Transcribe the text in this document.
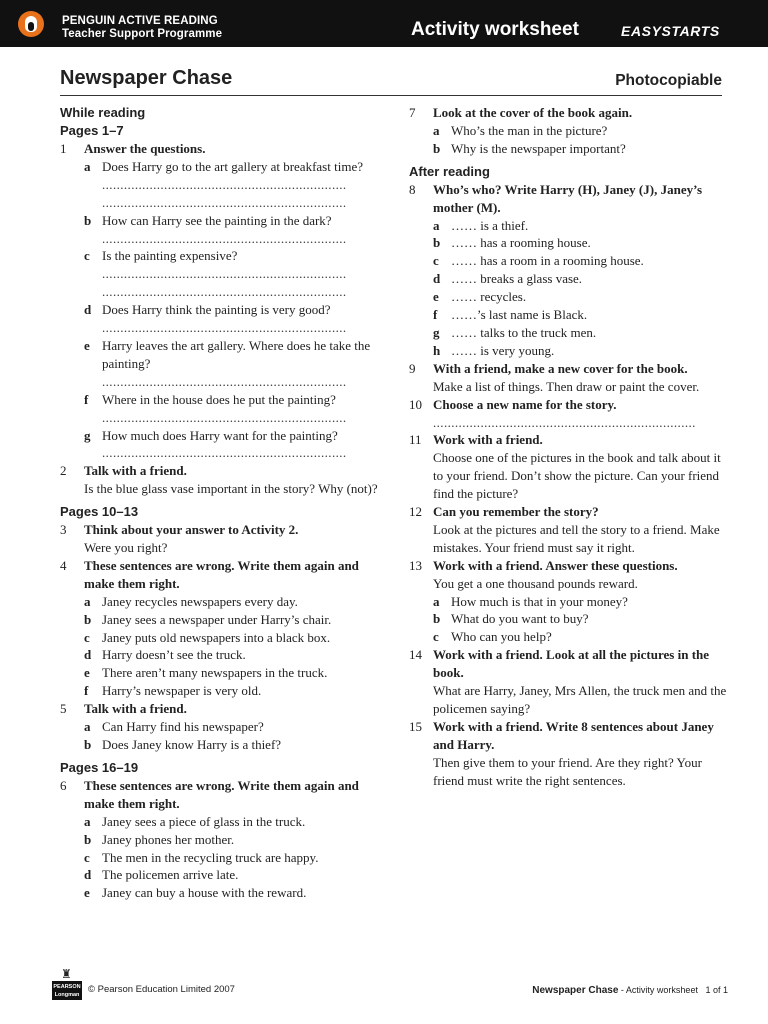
PENGUIN ACTIVE READING
Teacher Support Programme	Activity worksheet	EASYSTARTS
Newspaper Chase	Photocopiable
While reading
Pages 1–7
1	Answer the questions.
a Does Harry go to the art gallery at breakfast time?
...................................................................
...................................................................
b How can Harry see the painting in the dark?
...................................................................
c Is the painting expensive?
...................................................................
...................................................................
d Does Harry think the painting is very good?
...................................................................
e Harry leaves the art gallery. Where does he take the painting?
...................................................................
f Where in the house does he put the painting?
...................................................................
g How much does Harry want for the painting?
...................................................................
2	Talk with a friend.
Is the blue glass vase important in the story? Why (not)?
Pages 10–13
3	Think about your answer to Activity 2.
Were you right?
4	These sentences are wrong. Write them again and make them right.
a Janey recycles newspapers every day.
b Janey sees a newspaper under Harry’s chair.
c Janey puts old newspapers into a black box.
d Harry doesn’t see the truck.
e There aren’t many newspapers in the truck.
f Harry’s newspaper is very old.
5	Talk with a friend.
a Can Harry find his newspaper?
b Does Janey know Harry is a thief?
Pages 16–19
6	These sentences are wrong. Write them again and make them right.
a Janey sees a piece of glass in the truck.
b Janey phones her mother.
c The men in the recycling truck are happy.
d The policemen arrive late.
e Janey can buy a house with the reward.
7	Look at the cover of the book again.
a Who’s the man in the picture?
b Why is the newspaper important?
After reading
8	Who’s who? Write Harry (H), Janey (J), Janey’s mother (M).
a …… is a thief.
b …… has a rooming house.
c …… has a room in a rooming house.
d …… breaks a glass vase.
e …… recycles.
f ……’s last name is Black.
g …… talks to the truck men.
h …… is very young.
9	With a friend, make a new cover for the book.
Make a list of things. Then draw or paint the cover.
10 Choose a new name for the story.
........................................................................
11 Work with a friend.
Choose one of the pictures in the book and talk about it to your friend. Don’t show the picture. Can your friend find the picture?
12 Can you remember the story?
Look at the pictures and tell the story to a friend. Make mistakes. Your friend must say it right.
13 Work with a friend. Answer these questions.
You get a one thousand pounds reward.
a How much is that in your money?
b What do you want to buy?
c Who can you help?
14 Work with a friend. Look at all the pictures in the book.
What are Harry, Janey, Mrs Allen, the truck men and the policemen saying?
15 Work with a friend. Write 8 sentences about Janey and Harry.
Then give them to your friend. Are they right? Your friend must write the right sentences.
♜
PEARSON
Longman © Pearson Education Limited 2007	Newspaper Chase - Activity worksheet 1 of 1
